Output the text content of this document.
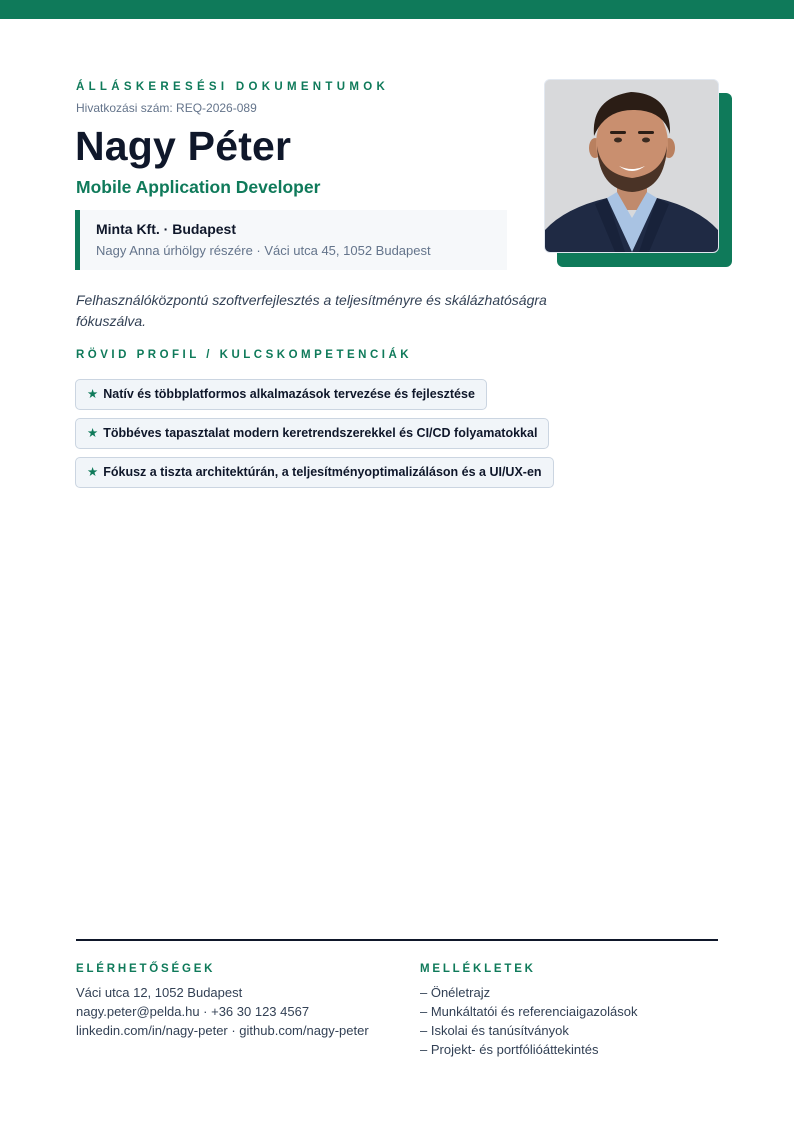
ÁLLÁSKERESÉSI DOKUMENTUMOK
Hivatkozási szám: REQ-2026-089
Nagy Péter
Mobile Application Developer
Minta Kft. · Budapest
Nagy Anna úrhölgy részére · Váci utca 45, 1052 Budapest
Felhasználóközpontú szoftverfejlesztés a teljesítményre és skálázhatóságra fókuszálva.
RÖVID PROFIL / KULCSKOMPETENCIÁK
★ Natív és többplatformos alkalmazások tervezése és fejlesztése
★ Többéves tapasztalat modern keretrendszerekkel és CI/CD folyamatokkal
★ Fókusz a tiszta architektúrán, a teljesítményoptimalizáláson és a UI/UX-en
ELÉRHETŐSÉGEK
Váci utca 12, 1052 Budapest
nagy.peter@pelda.hu · +36 30 123 4567
linkedin.com/in/nagy-peter · github.com/nagy-peter
MELLÉKLETEK
– Önéletrajz
– Munkáltatói és referenciaigazolások
– Iskolai és tanúsítványok
– Projekt- és portfólióáttekintés
